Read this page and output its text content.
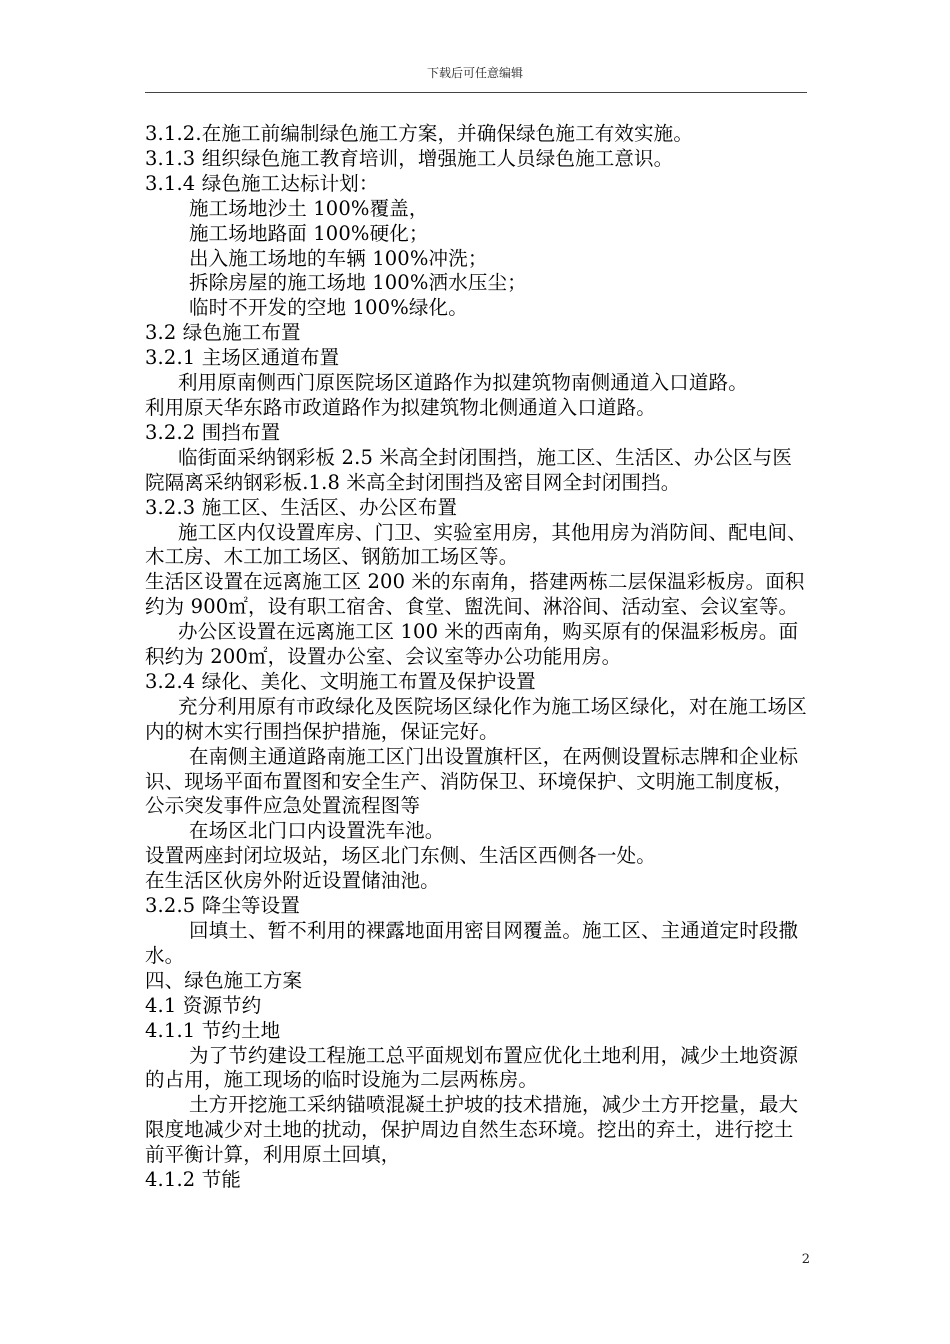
下载后可任意编辑

3.1.2.在施工前编制绿色施工方案，并确保绿色施工有效实施。

3.1.3 组织绿色施工教育培训，增强施工人员绿色施工意识。

3.1.4 绿色施工达标计划：

施工场地沙土 100%覆盖，

施工场地路面 100%硬化；

出入施工场地的车辆 100%冲洗；

拆除房屋的施工场地 100%洒水压尘；

临时不开发的空地 100%绿化。

3.2 绿色施工布置

3.2.1 主场区通道布置

利用原南侧西门原医院场区道路作为拟建筑物南侧通道入口道路。

利用原天华东路市政道路作为拟建筑物北侧通道入口道路。

3.2.2 围挡布置

临街面采纳钢彩板 2.5 米高全封闭围挡，施工区、生活区、办公区与医院隔离采纳钢彩板.1.8 米高全封闭围挡及密目网全封闭围挡。

3.2.3 施工区、生活区、办公区布置

施工区内仅设置库房、门卫、实验室用房，其他用房为消防间、配电间、木工房、木工加工场区、钢筋加工场区等。

生活区设置在远离施工区 200 米的东南角，搭建两栋二层保温彩板房。面积约为 900㎡，设有职工宿舍、食堂、盥洗间、淋浴间、活动室、会议室等。

办公区设置在远离施工区 100 米的西南角，购买原有的保温彩板房。面积约为 200㎡，设置办公室、会议室等办公功能用房。

3.2.4 绿化、美化、文明施工布置及保护设置

充分利用原有市政绿化及医院场区绿化作为施工场区绿化，对在施工场区内的树木实行围挡保护措施，保证完好。

在南侧主通道路南施工区门出设置旗杆区，在两侧设置标志牌和企业标识、现场平面布置图和安全生产、消防保卫、环境保护、文明施工制度板， 公示突发事件应急处置流程图等

在场区北门口内设置洗车池。

设置两座封闭垃圾站，场区北门东侧、生活区西侧各一处。

在生活区伙房外附近设置储油池。

3.2.5 降尘等设置

回填土、暂不利用的裸露地面用密目网覆盖。施工区、主通道定时段撒水。

四、绿色施工方案

4.1 资源节约

4.1.1 节约土地

为了节约建设工程施工总平面规划布置应优化土地利用，减少土地资源的占用，施工现场的临时设施为二层两栋房。

土方开挖施工采纳锚喷混凝土护坡的技术措施，减少土方开挖量，最大限度地减少对土地的扰动，保护周边自然生态环境。挖出的弃土，进行挖土前平衡计算，利用原土回填，

4.1.2 节能

2
